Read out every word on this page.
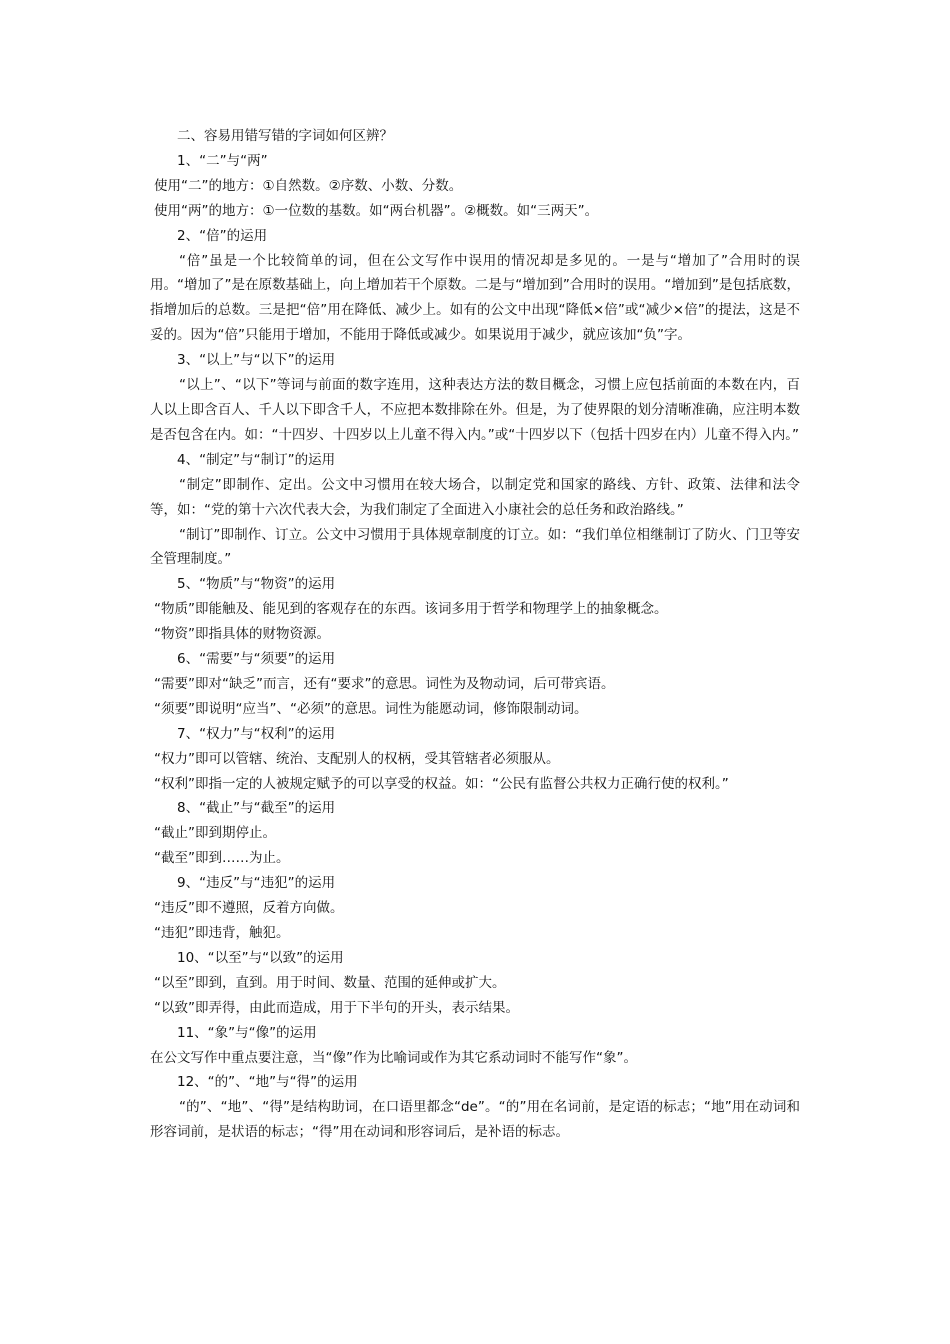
二、容易用错写错的字词如何区辨？

1、“二”与“两”

使用“二”的地方：①自然数。②序数、小数、分数。

使用“两”的地方：①一位数的基数。如“两台机器”。②概数。如“三两天”。

2、“倍”的运用

“倍”虽是一个比较简单的词，但在公文写作中误用的情况却是多见的。一是与“增加了”合用时的误用。“增加了”是在原数基础上，向上增加若干个原数。二是与“增加到”合用时的误用。“增加到”是包括底数，指增加后的总数。三是把“倍”用在降低、减少上。如有的公文中出现“降低×倍”或“减少×倍”的提法，这是不妥的。因为“倍”只能用于增加，不能用于降低或减少。如果说用于减少，就应该加“负”字。

3、“以上”与“以下”的运用

“以上”、“以下”等词与前面的数字连用，这种表达方法的数目概念，习惯上应包括前面的本数在内，百人以上即含百人、千人以下即含千人，不应把本数排除在外。但是，为了使界限的划分清晰准确，应注明本数是否包含在内。如：“十四岁、十四岁以上儿童不得入内。”或“十四岁以下（包括十四岁在内）儿童不得入内。”

4、“制定”与“制订”的运用

“制定”即制作、定出。公文中习惯用在较大场合，以制定党和国家的路线、方针、政策、法律和法令等，如：“党的第十六次代表大会，为我们制定了全面进入小康社会的总任务和政治路线。”

“制订”即制作、订立。公文中习惯用于具体规章制度的订立。如：“我们单位相继制订了防火、门卫等安全管理制度。”

5、“物质”与“物资”的运用

“物质”即能触及、能见到的客观存在的东西。该词多用于哲学和物理学上的抽象概念。

“物资”即指具体的财物资源。

6、“需要”与“须要”的运用

“需要”即对“缺乏”而言，还有“要求”的意思。词性为及物动词，后可带宾语。

“须要”即说明“应当”、“必须”的意思。词性为能愿动词，修饰限制动词。

7、“权力”与“权利”的运用

“权力”即可以管辖、统治、支配别人的权柄，受其管辖者必须服从。

“权利”即指一定的人被规定赋予的可以享受的权益。如：“公民有监督公共权力正确行使的权利。”

8、“截止”与“截至”的运用

“截止”即到期停止。

“截至”即到……为止。

9、“违反”与“违犯”的运用

“违反”即不遵照，反着方向做。

“违犯”即违背，触犯。

10、“以至”与“以致”的运用

“以至”即到，直到。用于时间、数量、范围的延伸或扩大。

“以致”即弄得，由此而造成，用于下半句的开头，表示结果。

11、“象”与“像”的运用

在公文写作中重点要注意，当“像”作为比喻词或作为其它系动词时不能写作“象”。

12、“的”、“地”与“得”的运用

“的”、“地”、“得”是结构助词，在口语里都念“de”。“的”用在名词前，是定语的标志；“地”用在动词和形容词前，是状语的标志；“得”用在动词和形容词后，是补语的标志。
